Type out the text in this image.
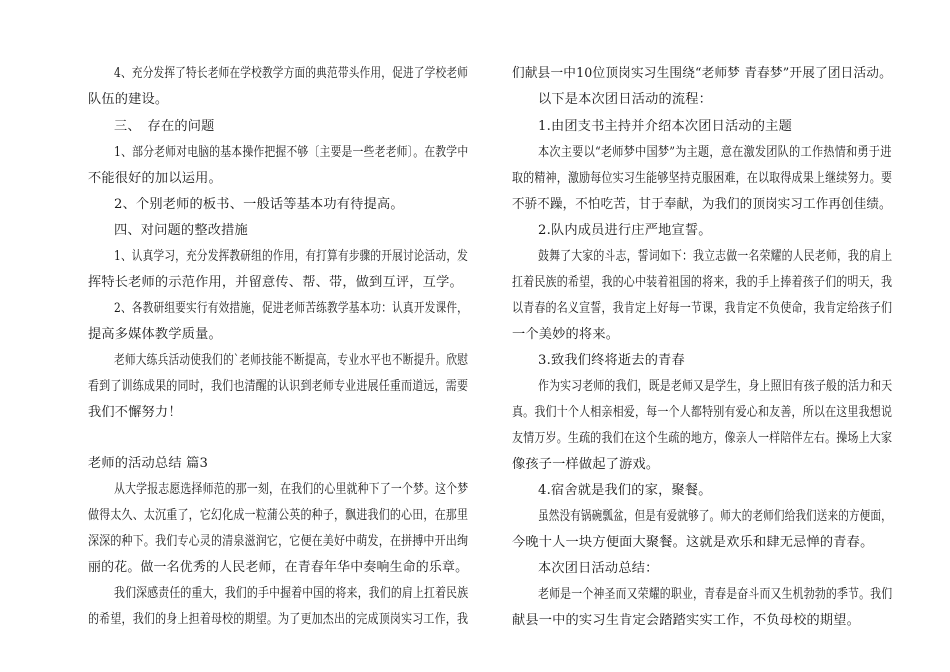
4、充分发挥了特长老师在学校教学方面的典范带头作用，促进了学校老师
队伍的建设。
三、　存在的问题
1、部分老师对电脑的基本操作把握不够〔主要是一些老老师〕。在教学中
不能很好的加以运用。
2、个别老师的板书、一般话等基本功有待提高。
四、对问题的整改措施
1、认真学习，充分发挥教研组的作用，有打算有步骤的开展讨论活动，发
挥特长老师的示范作用，并留意传、帮、带，做到互评，互学。
2、各教研组要实行有效措施，促进老师苦练教学基本功：认真开发课件，
提高多媒体教学质量。
老师大练兵活动使我们的`老师技能不断提高，专业水平也不断提升。欣慰
看到了训练成果的同时，我们也清醒的认识到老师专业进展任重而道远，需要
我们不懈努力！
老师的活动总结 篇3
从大学报志愿选择师范的那一刻，在我们的心里就种下了一个梦。这个梦
做得太久、太沉重了，它幻化成一粒蒲公英的种子，飘进我们的心田，在那里
深深的种下。我们专心灵的清泉滋润它，它便在美好中萌发，在拼搏中开出绚
丽的花。做一名优秀的人民老师，在青春年华中奏响生命的乐章。
我们深感责任的重大，我们的手中握着中国的将来，我们的肩上扛着民族
的希望，我们的身上担着母校的期望。为了更加杰出的完成顶岗实习工作，我
们献县一中10位顶岗实习生围绕“老师梦 青春梦”开展了团日活动。
以下是本次团日活动的流程：
1.由团支书主持并介绍本次团日活动的主题
本次主要以“老师梦中国梦”为主题，意在激发团队的工作热情和勇于进
取的精神，激励每位实习生能够坚持克服困难，在以取得成果上继续努力。要
不骄不躁，不怕吃苦，甘于奉献，为我们的顶岗实习工作再创佳绩。
2.队内成员进行庄严地宣誓。
鼓舞了大家的斗志，誓词如下：我立志做一名荣耀的人民老师，我的肩上
扛着民族的希望，我的心中装着祖国的将来，我的手上捧着孩子们的明天，我
以青春的名义宣誓，我肯定上好每一节课，我肯定不负使命，我肯定给孩子们
一个美妙的将来。
3.致我们终将逝去的青春
作为实习老师的我们，既是老师又是学生，身上照旧有孩子般的活力和天
真。我们十个人相亲相爱，每一个人都特别有爱心和友善，所以在这里我想说
友情万岁。生疏的我们在这个生疏的地方，像亲人一样陪伴左右。操场上大家
像孩子一样做起了游戏。
4.宿舍就是我们的家，聚餐。
虽然没有锅碗瓢盆，但是有爱就够了。师大的老师们给我们送来的方便面，
今晚十人一块方便面大聚餐。这就是欢乐和肆无忌惮的青春。
本次团日活动总结：
老师是一个神圣而又荣耀的职业，青春是奋斗而又生机勃勃的季节。我们
献县一中的实习生肯定会踏踏实实工作，不负母校的期望。
